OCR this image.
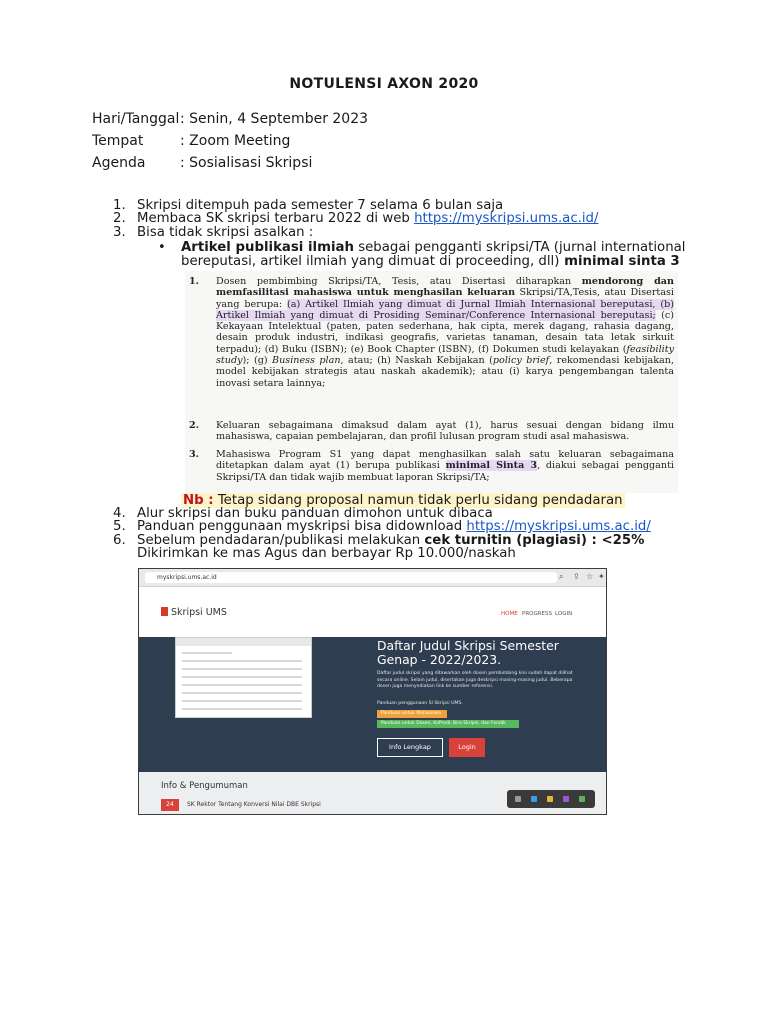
NOTULENSI AXON 2020
Hari/Tanggal : Senin, 4 September 2023
Tempat	: Zoom Meeting
Agenda : Sosialisasi Skripsi
1. Skripsi ditempuh pada semester 7 selama 6 bulan saja
2. Membaca SK skripsi terbaru 2022 di web https://myskripsi.ums.ac.id/
3. Bisa tidak skripsi asalkan :
• Artikel publikasi ilmiah sebagai pengganti skripsi/TA (jurnal international
bereputasi, artikel ilmiah yang dimuat di proceeding, dll) minimal sinta 3
1. Dosen pembimbing Skripsi/TA, Tesis, atau Disertasi diharapkan mendorong dan memfasilitasi mahasiswa untuk menghasilan keluaran Skripsi/TA,Tesis, atau Disertasi yang berupa: (a) Artikel Ilmiah yang dimuat di Jurnal Ilmiah Internasional bereputasi, (b) Artikel Ilmiah yang dimuat di Prosiding Seminar/Conference Internasional bereputasi; (c) Kekayaan Intelektual (paten, paten sederhana, hak cipta, merek dagang, rahasia dagang, desain produk industri, indikasi geografis, varietas tanaman, desain tata letak sirkuit terpadu); (d) Buku (ISBN); (e) Book Chapter (ISBN), (f) Dokumen studi kelayakan (feasibility study); (g) Business plan, atau; (h) Naskah Kebijakan (policy brief, rekomendasi kebijakan, model kebijakan strategis atau naskah akademik); atau (i) karya pengembangan talenta inovasi setara lainnya;
2. Keluaran sebagaimana dimaksud dalam ayat (1), harus sesuai dengan bidang ilmu mahasiswa, capaian pembelajaran, dan profil lulusan program studi asal mahasiswa.
3. Mahasiswa Program S1 yang dapat menghasilkan salah satu keluaran sebagaimana ditetapkan dalam ayat (1) berupa publikasi minimal Sinta 3, diakui sebagai pengganti Skripsi/TA dan tidak wajib membuat laporan Skripsi/TA;
Nb : Tetap sidang proposal namun tidak perlu sidang pendadaran
4. Alur skripsi dan buku panduan dimohon untuk dibaca
5. Panduan penggunaan myskripsi bisa didownload https://myskripsi.ums.ac.id/
6. Sebelum pendadaran/publikasi melakukan cek turnitin (plagiasi) : <25%
Dikirimkan ke mas Agus dan berbayar Rp 10.000/naskah
myskripsi.ums.ac.id	⌕ ⇪ ☆ ✦
Skripsi UMS	HOME PROGRESS LOGIN
Daftar Judul Skripsi Semester Genap - 2022/2023.
Daftar judul skripsi yang ditawarkan oleh dosen pembimbing kini sudah dapat dilihat secara online. Selain judul, disertakan juga deskripsi masing-masing judul. Beberapa dosen juga menyediakan link ke sumber referensi.
Panduan penggunaan SI Skripsi UMS.
Panduan untuk Mahasiswa
Panduan untuk Dosen, KaProdi, Biro Skripsi, dan Fendik
Info Lengkap	Login
Info & Pengumuman
24	SK Rektor Tentang Konversi Nilai DBE Skripsi
